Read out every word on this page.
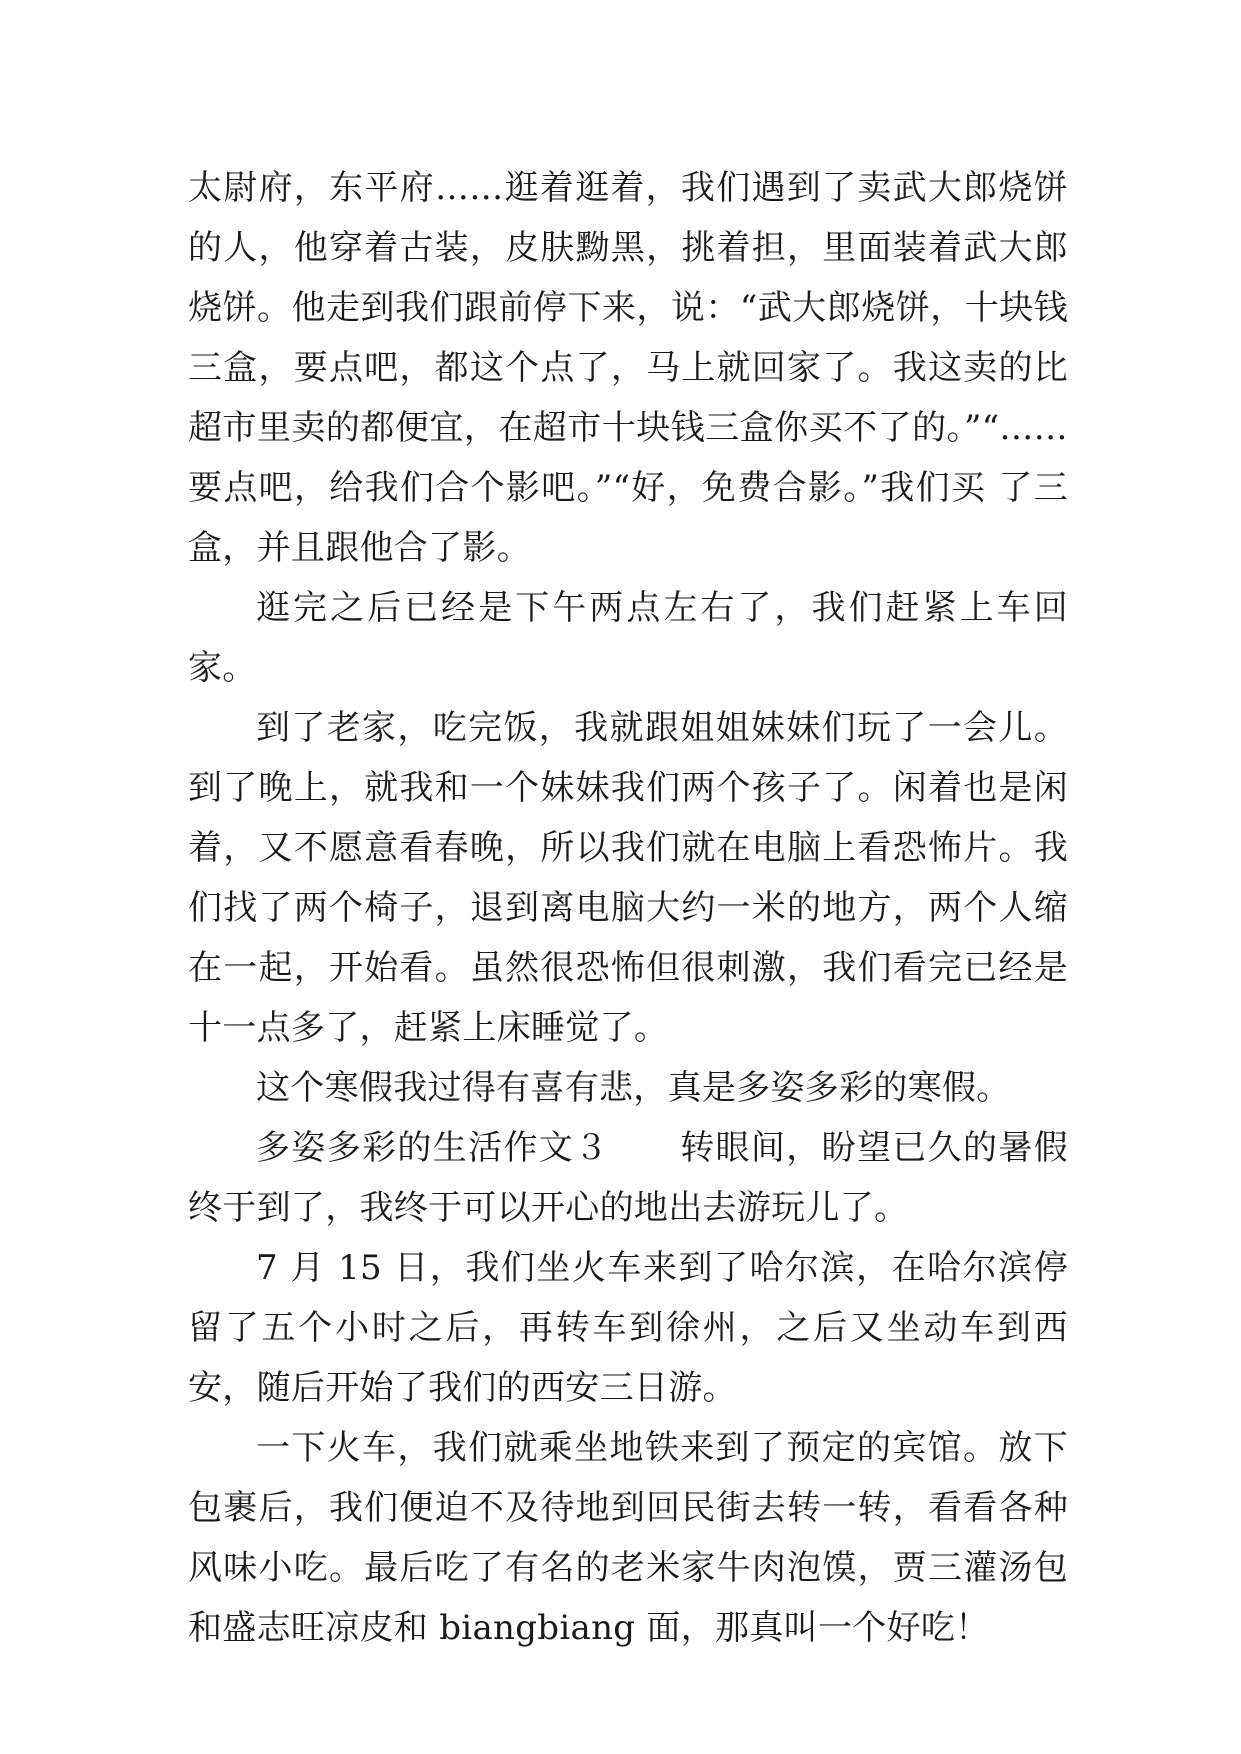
太尉府，东平府……逛着逛着，我们遇到了卖武大郎烧饼的人，他穿着古装，皮肤黝黑，挑着担，里面装着武大郎烧饼。他走到我们跟前停下来，说：“武大郎烧饼，十块钱三盒，要点吧，都这个点了，马上就回家了。我这卖的比超市里卖的都便宜，在超市十块钱三盒你买不了的。”“……要点吧，给我们合个影吧。”“好，免费合影。”我们买 了三盒，并且跟他合了影。

逛完之后已经是下午两点左右了，我们赶紧上车回家。

到了老家，吃完饭，我就跟姐姐妹妹们玩了一会儿。到了晚上，就我和一个妹妹我们两个孩子了。闲着也是闲着，又不愿意看春晚，所以我们就在电脑上看恐怖片。我们找了两个椅子，退到离电脑大约一米的地方，两个人缩在一起，开始看。虽然很恐怖但很刺激，我们看完已经是十一点多了，赶紧上床睡觉了。

这个寒假我过得有喜有悲，真是多姿多彩的寒假。

多姿多彩的生活作文３　　转眼间，盼望已久的暑假终于到了，我终于可以开心的地出去游玩儿了。

7 月 15 日，我们坐火车来到了哈尔滨，在哈尔滨停留了五个小时之后，再转车到徐州，之后又坐动车到西安，随后开始了我们的西安三日游。

一下火车，我们就乘坐地铁来到了预定的宾馆。放下包裹后，我们便迫不及待地到回民街去转一转，看看各种风味小吃。最后吃了有名的老米家牛肉泡馍，贾三灌汤包和盛志旺凉皮和 biangbiang 面，那真叫一个好吃！
